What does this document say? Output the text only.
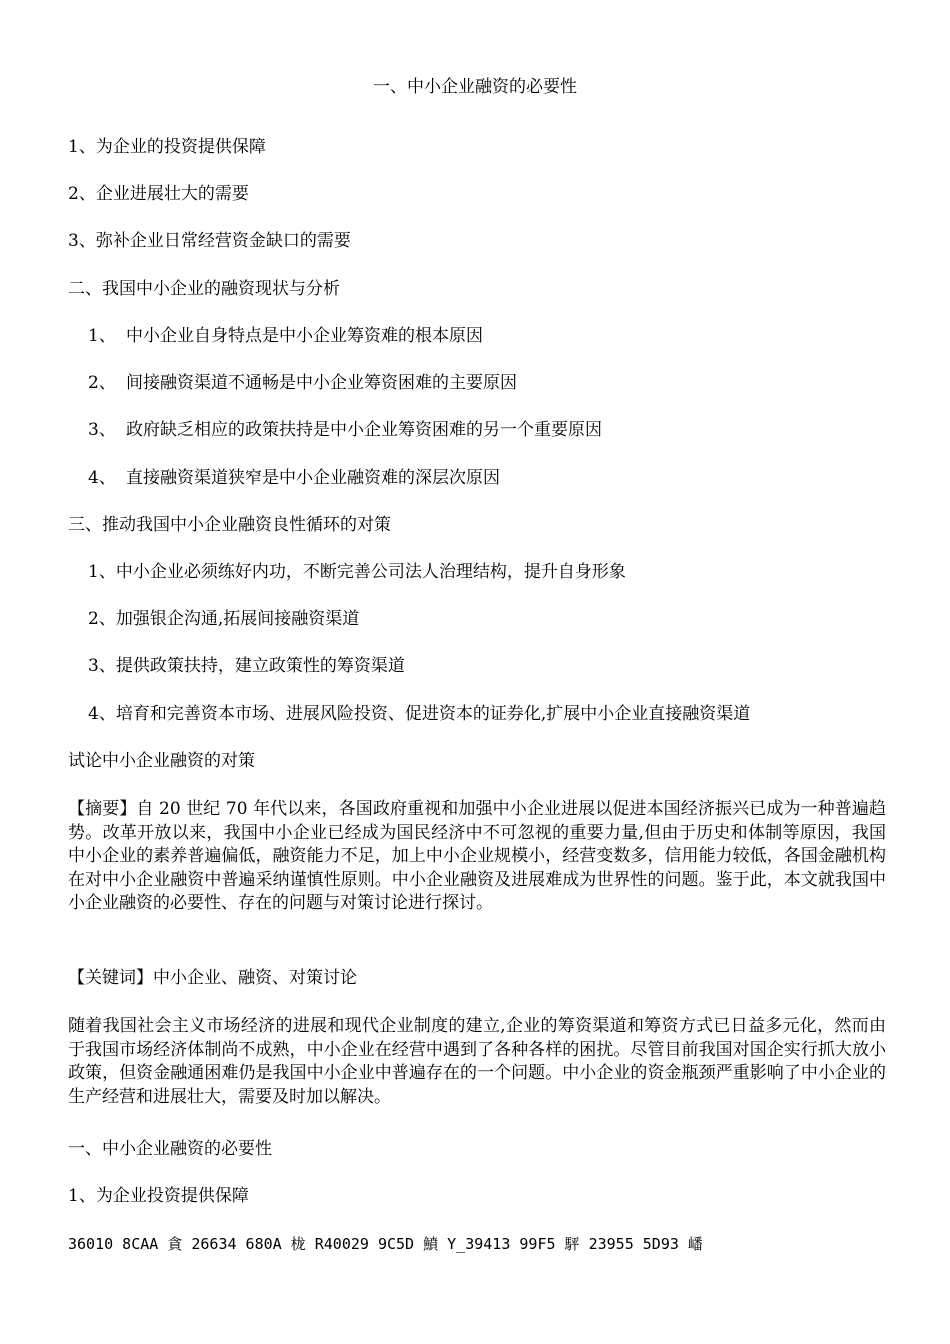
一、中小企业融资的必要性
1、为企业的投资提供保障
2、企业进展壮大的需要
3、弥补企业日常经营资金缺口的需要
二、我国中小企业的融资现状与分析
1、 中小企业自身特点是中小企业筹资难的根本原因
2、 间接融资渠道不通畅是中小企业筹资困难的主要原因
3、 政府缺乏相应的政策扶持是中小企业筹资困难的另一个重要原因
4、 直接融资渠道狭窄是中小企业融资难的深层次原因
三、推动我国中小企业融资良性循环的对策
1、中小企业必须练好内功，不断完善公司法人治理结构，提升自身形象
2、加强银企沟通,拓展间接融资渠道
3、提供政策扶持，建立政策性的筹资渠道
4、培育和完善资本市场、进展风险投资、促进资本的证券化,扩展中小企业直接融资渠道
试论中小企业融资的对策
【摘要】自 20 世纪 70 年代以来，各国政府重视和加强中小企业进展以促进本国经济振兴已成为一种普遍趋势。改革开放以来，我国中小企业已经成为国民经济中不可忽视的重要力量,但由于历史和体制等原因，我国中小企业的素养普遍偏低，融资能力不足，加上中小企业规模小，经营变数多，信用能力较低，各国金融机构在对中小企业融资中普遍采纳谨慎性原则。中小企业融资及进展难成为世界性的问题。鉴于此，本文就我国中小企业融资的必要性、存在的问题与对策讨论进行探讨。
【关键词】中小企业、融资、对策讨论
随着我国社会主义市场经济的进展和现代企业制度的建立,企业的筹资渠道和筹资方式已日益多元化，然而由于我国市场经济体制尚不成熟，中小企业在经营中遇到了各种各样的困扰。尽管目前我国对国企实行抓大放小政策，但资金融通困难仍是我国中小企业中普遍存在的一个问题。中小企业的资金瓶颈严重影响了中小企业的生产经营和进展壮大，需要及时加以解决。
一、中小企业融资的必要性
1、为企业投资提供保障
36010 8CAA 貪 26634 680A 栊 R40029 9C5D 鱝 Y_39413 99F5 駍 23955 5D93 嶓
